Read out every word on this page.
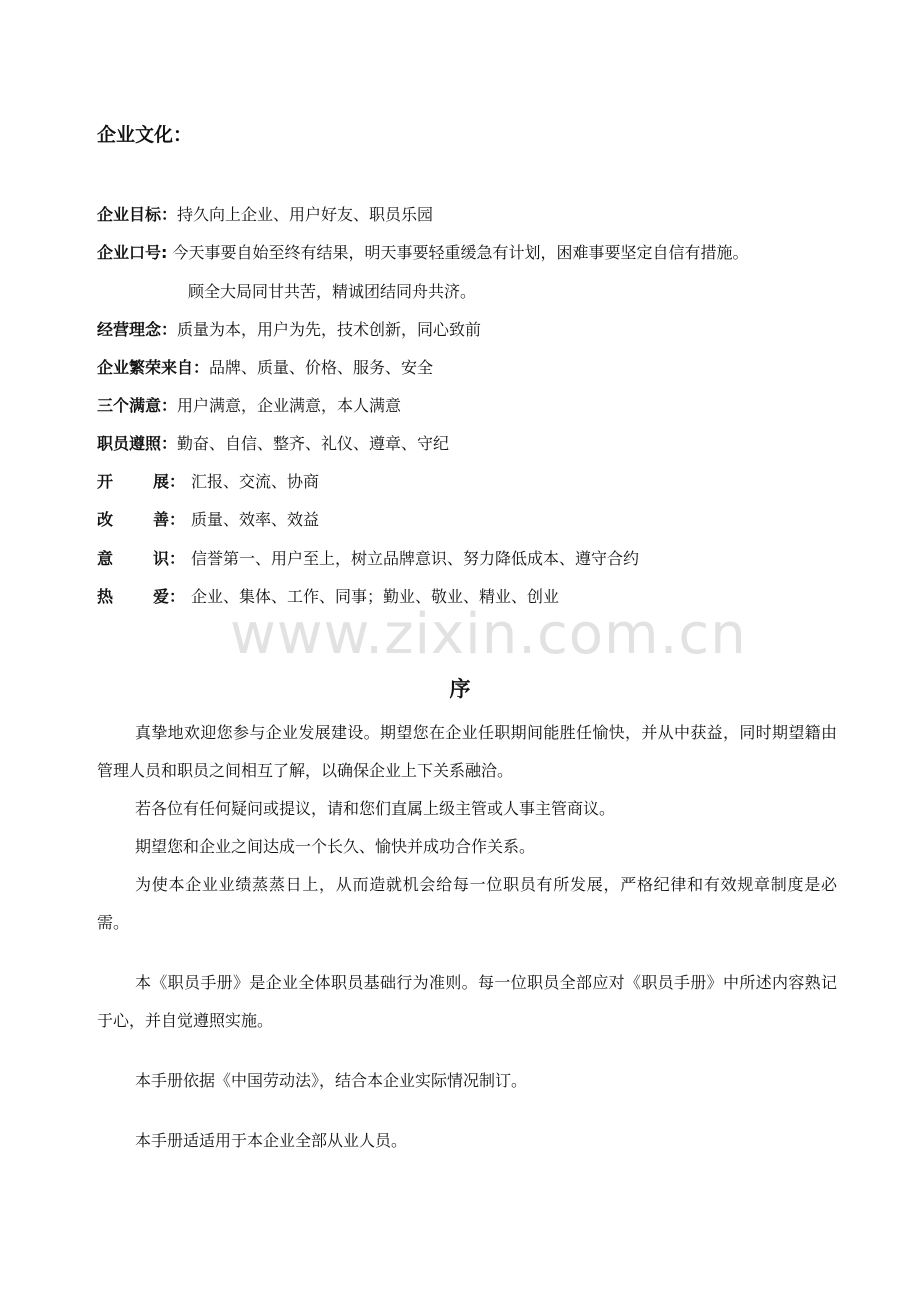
企业文化：
企业目标：持久向上企业、用户好友、职员乐园
企业口号: 今天事要自始至终有结果，明天事要轻重缓急有计划，困难事要坚定自信有措施。
顾全大局同甘共苦，精诚团结同舟共济。
经营理念：质量为本，用户为先，技术创新，同心致前
企业繁荣来自：品牌、质量、价格、服务、安全
三个满意：用户满意，企业满意，本人满意
职员遵照：勤奋、自信、整齐、礼仪、遵章、守纪
开 展： 汇报、交流、协商
改 善： 质量、效率、效益
意 识： 信誉第一、用户至上，树立品牌意识、努力降低成本、遵守合约
热 爱： 企业、集体、工作、同事；勤业、敬业、精业、创业
www.zixin.com.cn
序
真挚地欢迎您参与企业发展建设。期望您在企业任职期间能胜任愉快，并从中获益，同时期望籍由管理人员和职员之间相互了解，以确保企业上下关系融洽。
若各位有任何疑问或提议，请和您们直属上级主管或人事主管商议。
期望您和企业之间达成一个长久、愉快并成功合作关系。
为使本企业业绩蒸蒸日上，从而造就机会给每一位职员有所发展，严格纪律和有效规章制度是必需。
本《职员手册》是企业全体职员基础行为准则。每一位职员全部应对《职员手册》中所述内容熟记于心，并自觉遵照实施。
本手册依据《中国劳动法》，结合本企业实际情况制订。
本手册适适用于本企业全部从业人员。
